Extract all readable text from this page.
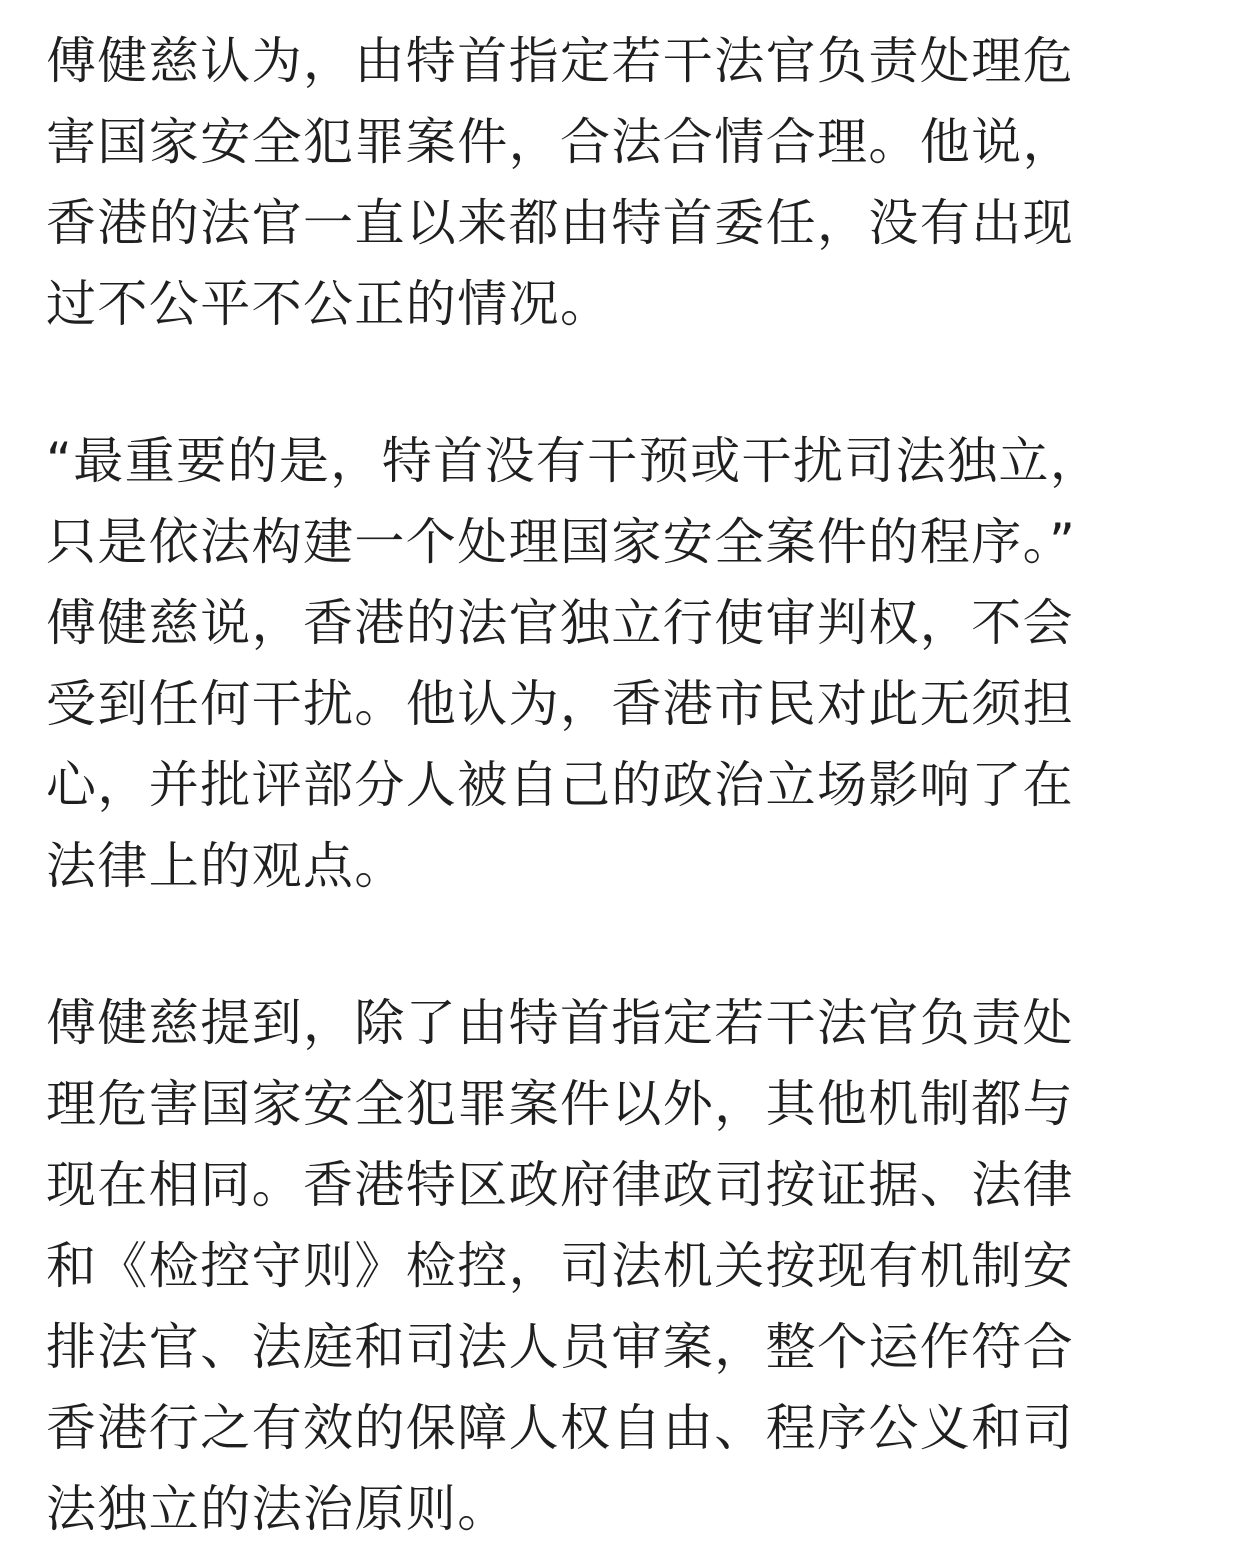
傅健慈认为，由特首指定若干法官负责处理危
害国家安全犯罪案件，合法合情合理。他说，
香港的法官一直以来都由特首委任，没有出现
过不公平不公正的情况。

“最重要的是，特首没有干预或干扰司法独立，
只是依法构建一个处理国家安全案件的程序。”
傅健慈说，香港的法官独立行使审判权，不会
受到任何干扰。他认为，香港市民对此无须担
心，并批评部分人被自己的政治立场影响了在
法律上的观点。

傅健慈提到，除了由特首指定若干法官负责处
理危害国家安全犯罪案件以外，其他机制都与
现在相同。香港特区政府律政司按证据、法律
和《检控守则》检控，司法机关按现有机制安
排法官、法庭和司法人员审案，整个运作符合
香港行之有效的保障人权自由、程序公义和司
法独立的法治原则。
